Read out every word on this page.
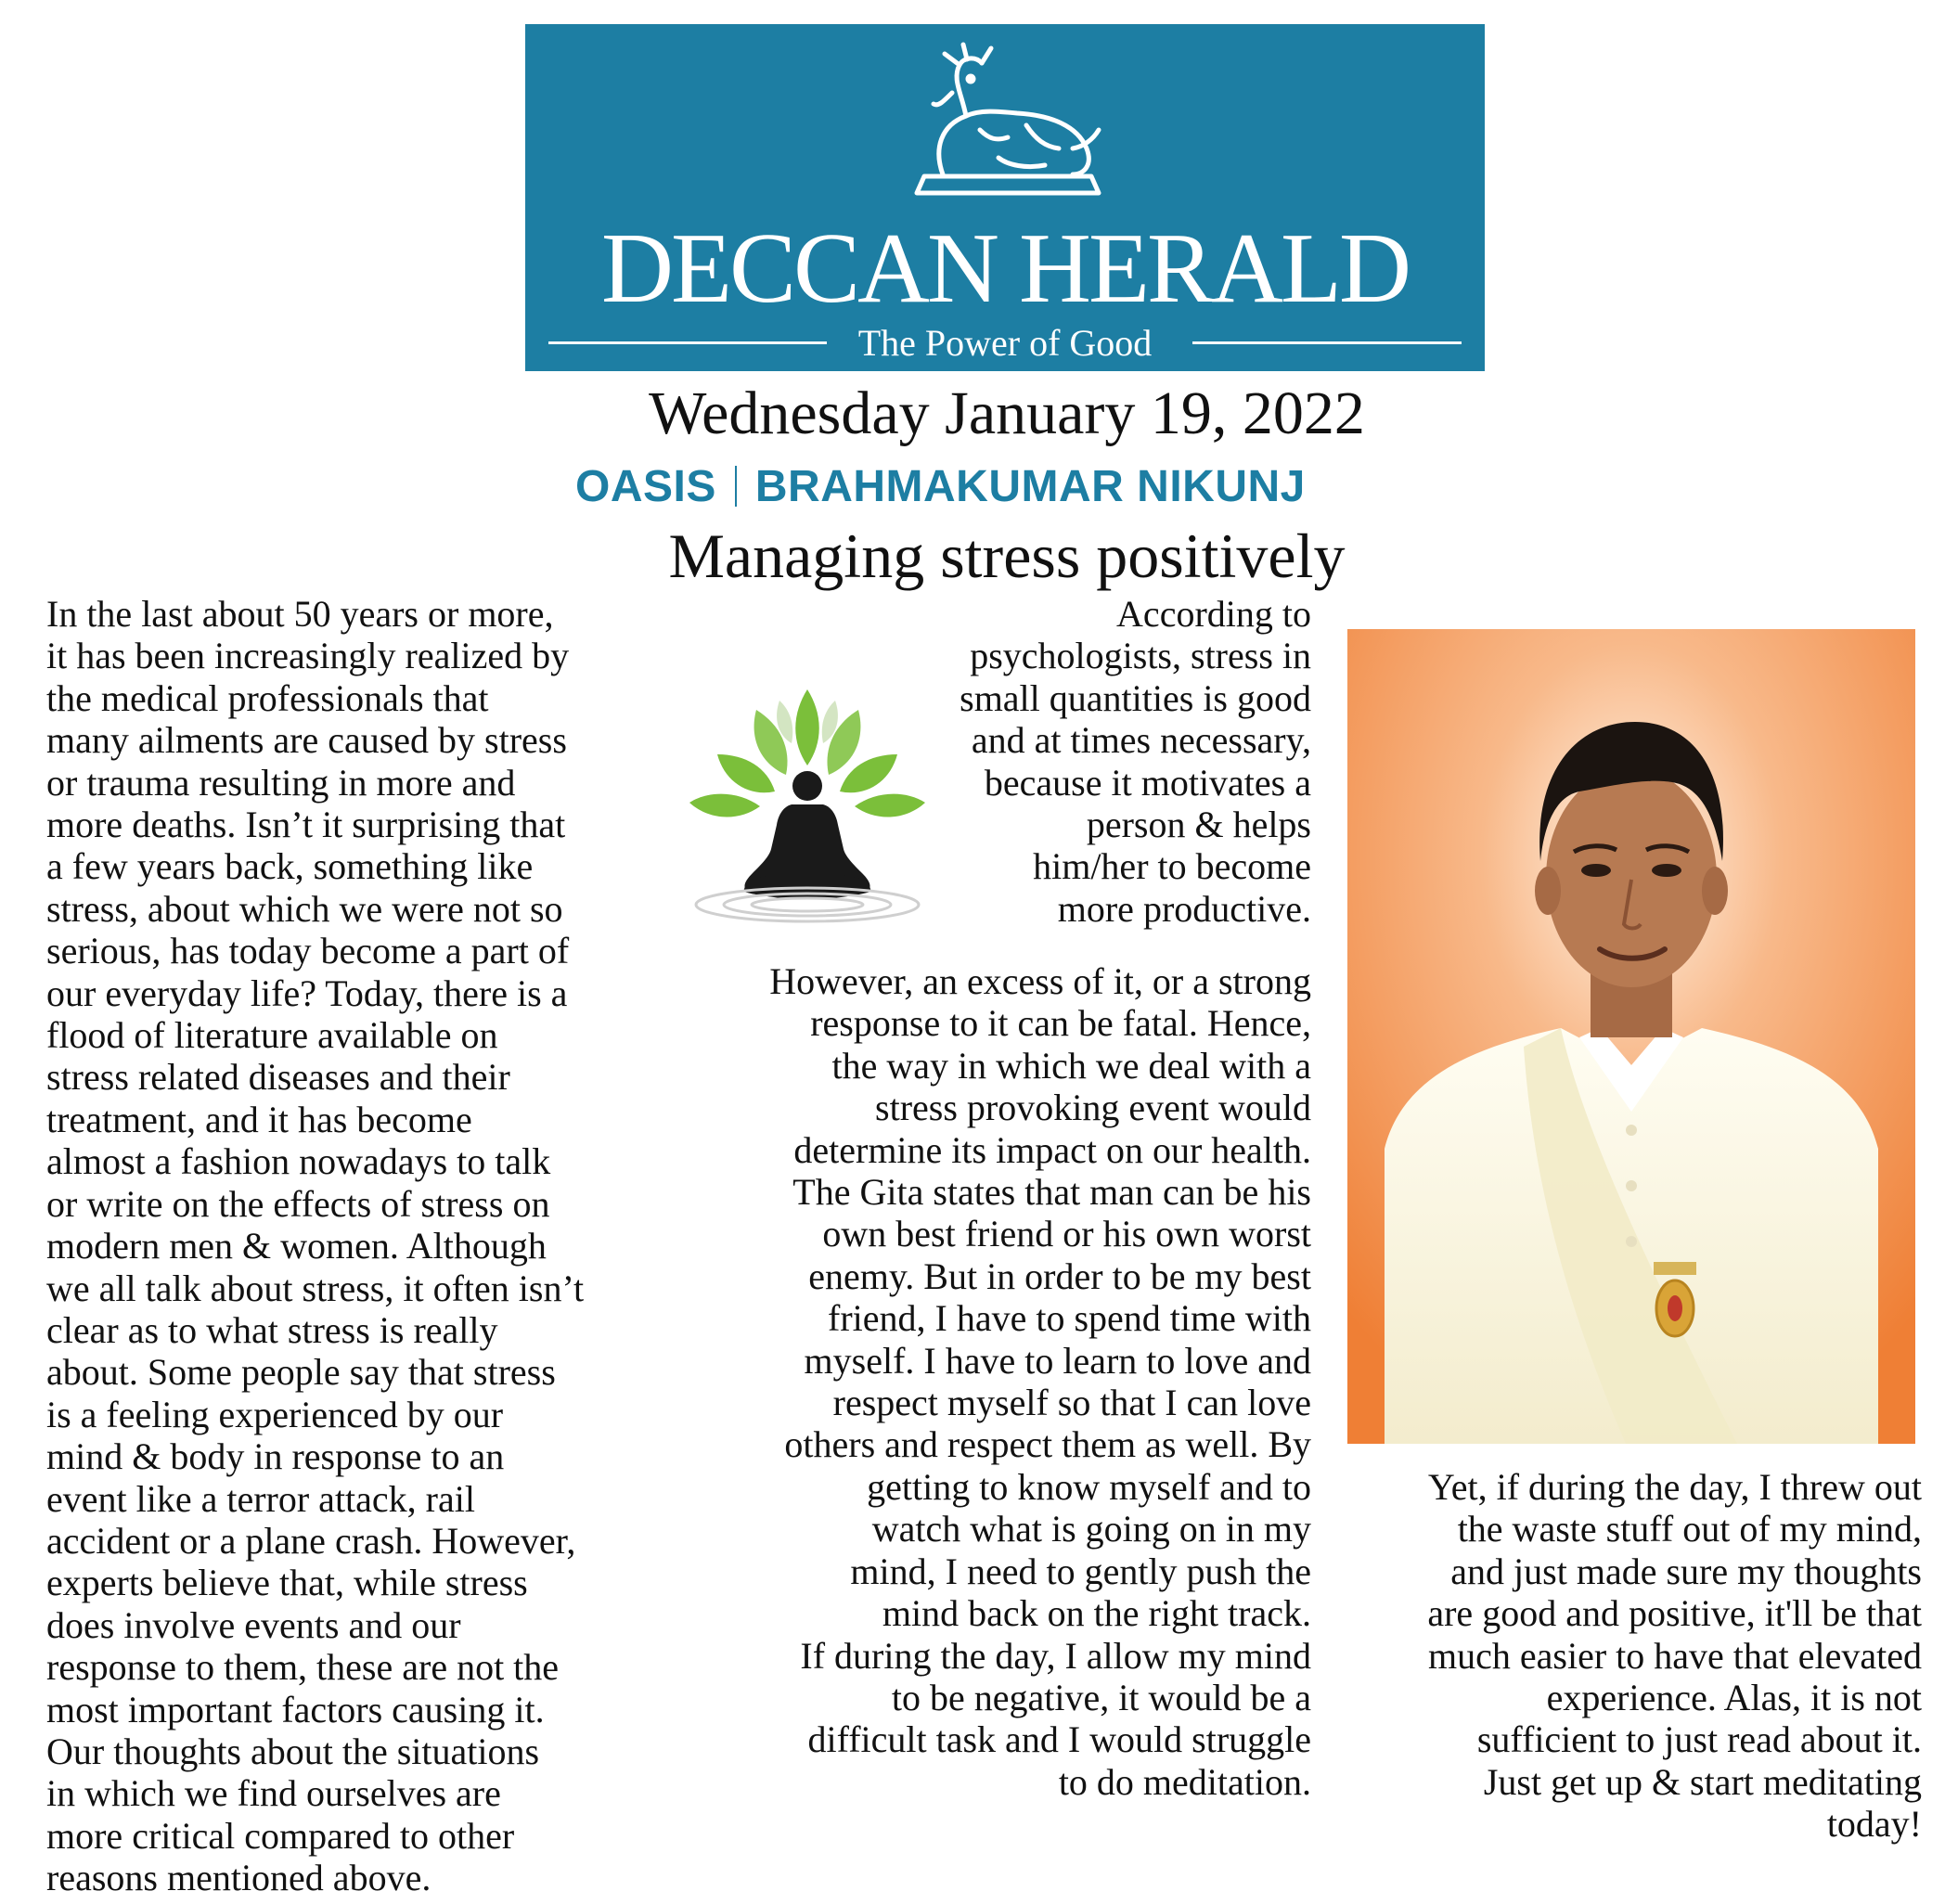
DECCAN HERALD
The Power of Good
Wednesday January 19, 2022
OASIS BRAHMAKUMAR NIKUNJ
Managing stress positively
In the last about 50 years or more,
it has been increasingly realized by
the medical professionals that
many ailments are caused by stress
or trauma resulting in more and
more deaths. Isn’t it surprising that
a few years back, something like
stress, about which we were not so
serious, has today become a part of
our everyday life? Today, there is a
flood of literature available on
stress related diseases and their
treatment, and it has become
almost a fashion nowadays to talk
or write on the effects of stress on
modern men & women. Although
we all talk about stress, it often isn’t
clear as to what stress is really
about. Some people say that stress
is a feeling experienced by our
mind & body in response to an
event like a terror attack, rail
accident or a plane crash. However,
experts believe that, while stress
does involve events and our
response to them, these are not the
most important factors causing it.
Our thoughts about the situations
in which we find ourselves are
more critical compared to other
reasons mentioned above.
According to
psychologists, stress in
small quantities is good
and at times necessary,
because it motivates a
person & helps
him/her to become
more productive.
However, an excess of it, or a strong
response to it can be fatal. Hence,
the way in which we deal with a
stress provoking event would
determine its impact on our health.
The Gita states that man can be his
own best friend or his own worst
enemy. But in order to be my best
friend, I have to spend time with
myself. I have to learn to love and
respect myself so that I can love
others and respect them as well. By
getting to know myself and to
watch what is going on in my
mind, I need to gently push the
mind back on the right track.
If during the day, I allow my mind
to be negative, it would be a
difficult task and I would struggle
to do meditation.
Yet, if during the day, I threw out
the waste stuff out of my mind,
and just made sure my thoughts
are good and positive, it'll be that
much easier to have that elevated
experience. Alas, it is not
sufficient to just read about it.
Just get up & start meditating
today!
